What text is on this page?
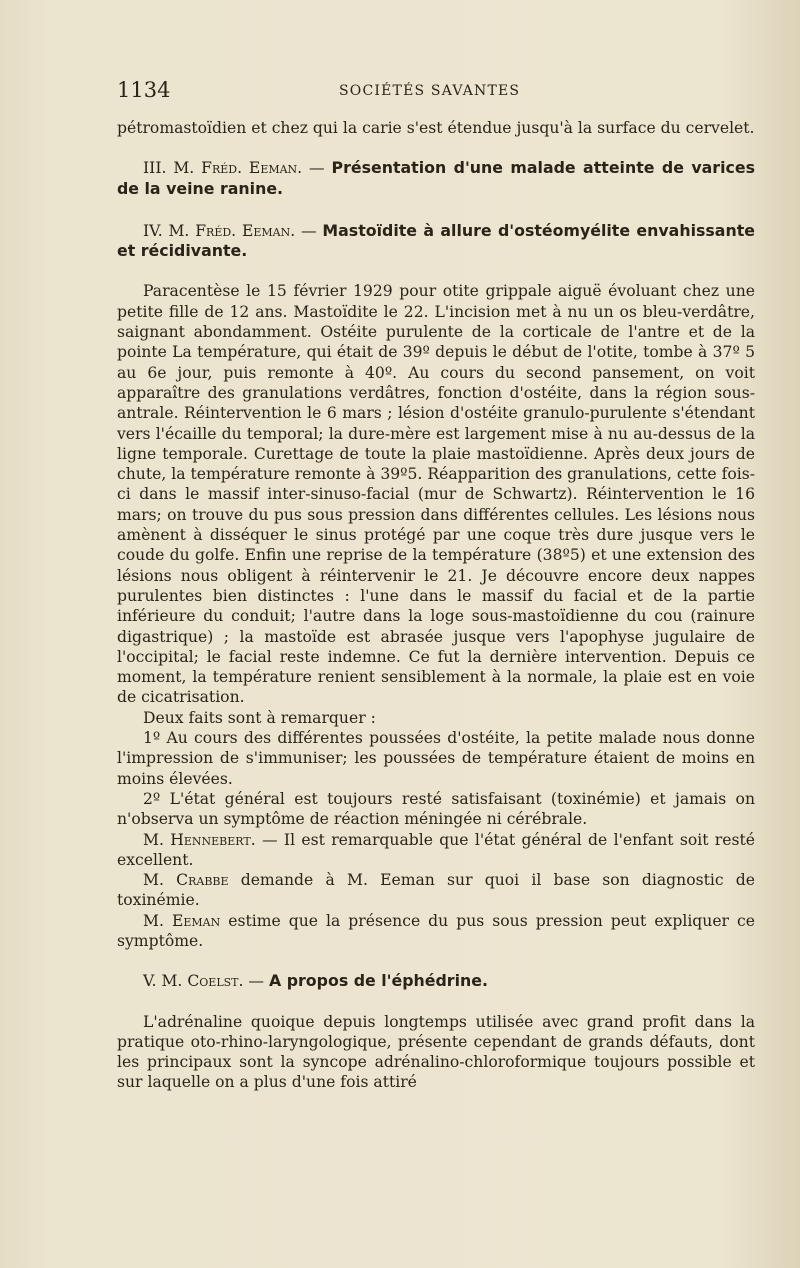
1134	SOCIÉTÉS SAVANTES

pétromastoïdien et chez qui la carie s'est étendue jusqu'à la surface du cervelet.

III. M. Fréd. Eeman. — Présentation d'une malade atteinte de varices de la veine ranine.

IV. M. Fréd. Eeman. — Mastoïdite à allure d'ostéomyélite envahissante et récidivante.

Paracentèse le 15 février 1929 pour otite grippale aiguë évoluant chez une petite fille de 12 ans. Mastoïdite le 22. L'incision met à nu un os bleu-verdâtre, saignant abondamment. Ostéite purulente de la corticale de l'antre et de la pointe La température, qui était de 39º depuis le début de l'otite, tombe à 37º 5 au 6e jour, puis remonte à 40º. Au cours du second pansement, on voit apparaître des granulations verdâtres, fonction d'ostéite, dans la région sous-antrale. Réintervention le 6 mars ; lésion d'ostéite granulo-purulente s'étendant vers l'écaille du temporal; la dure-mère est largement mise à nu au-dessus de la ligne temporale. Curettage de toute la plaie mastoïdienne. Après deux jours de chute, la température remonte à 39º5. Réapparition des granulations, cette fois-ci dans le massif inter-sinuso-facial (mur de Schwartz). Réintervention le 16 mars; on trouve du pus sous pression dans différentes cellules. Les lésions nous amènent à disséquer le sinus protégé par une coque très dure jusque vers le coude du golfe. Enfin une reprise de la température (38º5) et une extension des lésions nous obligent à réintervenir le 21. Je découvre encore deux nappes purulentes bien distinctes : l'une dans le massif du facial et de la partie inférieure du conduit; l'autre dans la loge sous-mastoïdienne du cou (rainure digastrique) ; la mastoïde est abrasée jusque vers l'apophyse jugulaire de l'occipital; le facial reste indemne. Ce fut la dernière intervention. Depuis ce moment, la température renient sensiblement à la normale, la plaie est en voie de cicatrisation.

Deux faits sont à remarquer :

1º Au cours des différentes poussées d'ostéite, la petite malade nous donne l'impression de s'immuniser; les poussées de température étaient de moins en moins élevées.

2º L'état général est toujours resté satisfaisant (toxinémie) et jamais on n'observa un symptôme de réaction méningée ni cérébrale.

M. Hennebert. — Il est remarquable que l'état général de l'enfant soit resté excellent.

M. Crabbe demande à M. Eeman sur quoi il base son diagnostic de toxinémie.

M. Eeman estime que la présence du pus sous pression peut expliquer ce symptôme.

V. M. Coelst. — A propos de l'éphédrine.

L'adrénaline quoique depuis longtemps utilisée avec grand profit dans la pratique oto-rhino-laryngologique, présente cependant de grands défauts, dont les principaux sont la syncope adrénalino-chloroformique toujours possible et sur laquelle on a plus d'une fois attiré
